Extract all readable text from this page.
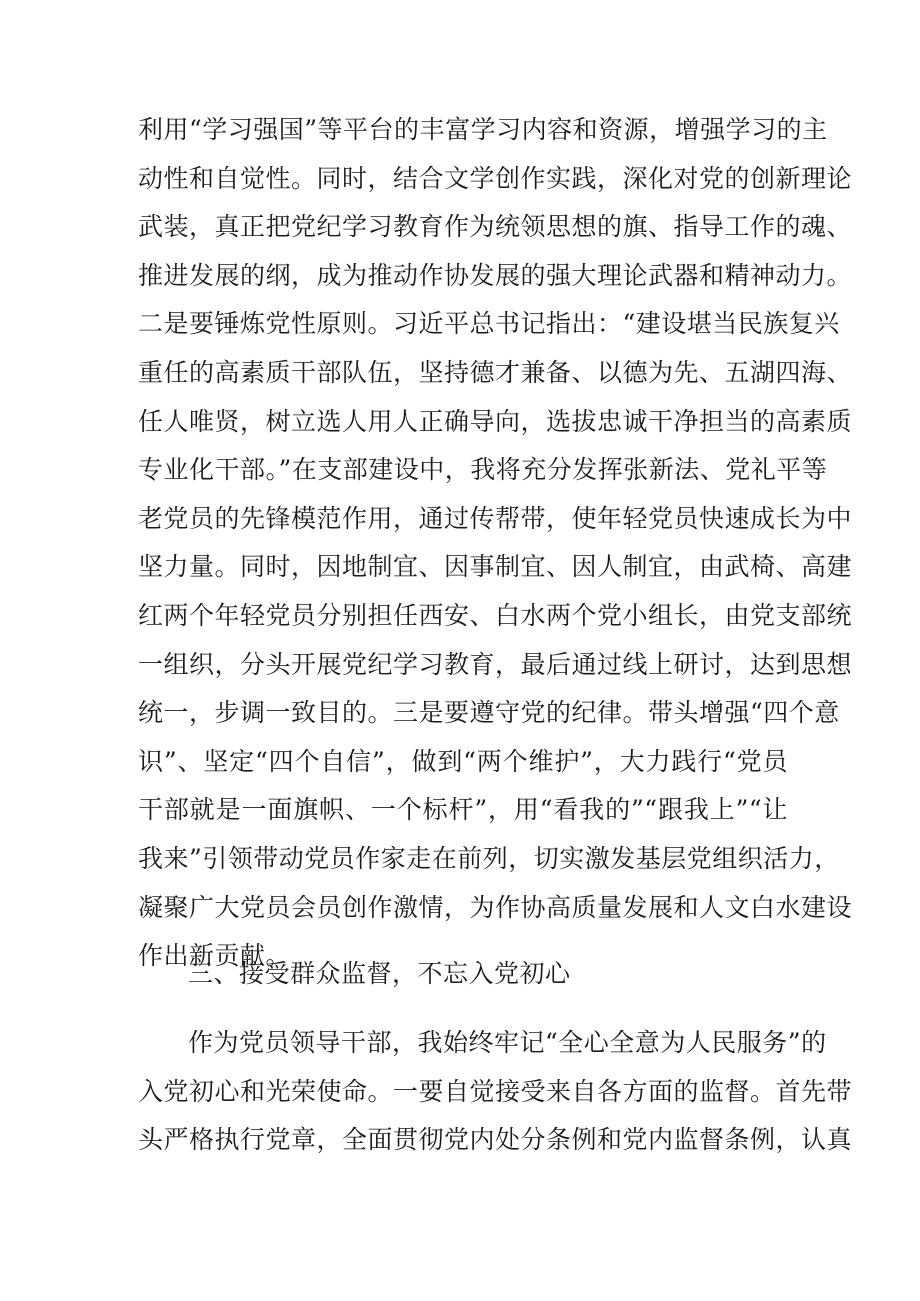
利用“学习强国”等平台的丰富学习内容和资源，增强学习的主
动性和自觉性。同时，结合文学创作实践，深化对党的创新理论
武装，真正把党纪学习教育作为统领思想的旗、指导工作的魂、
推进发展的纲，成为推动作协发展的强大理论武器和精神动力。
二是要锤炼党性原则。习近平总书记指出：“建设堪当民族复兴
重任的高素质干部队伍，坚持德才兼备、以德为先、五湖四海、
任人唯贤，树立选人用人正确导向，选拔忠诚干净担当的高素质
专业化干部。”在支部建设中，我将充分发挥张新法、党礼平等
老党员的先锋模范作用，通过传帮带，使年轻党员快速成长为中
坚力量。同时，因地制宜、因事制宜、因人制宜，由武椅、高建
红两个年轻党员分别担任西安、白水两个党小组长，由党支部统
一组织，分头开展党纪学习教育，最后通过线上研讨，达到思想
统一，步调一致目的。三是要遵守党的纪律。带头增强“四个意
识”、坚定“四个自信”，做到“两个维护”，大力践行“党员
干部就是一面旗帜、一个标杆”，用“看我的”“跟我上”“让
我来”引领带动党员作家走在前列，切实激发基层党组织活力，
凝聚广大党员会员创作激情，为作协高质量发展和人文白水建设
作出新贡献。
三、接受群众监督，不忘入党初心
作为党员领导干部，我始终牢记“全心全意为人民服务”的
入党初心和光荣使命。一要自觉接受来自各方面的监督。首先带
头严格执行党章，全面贯彻党内处分条例和党内监督条例，认真
